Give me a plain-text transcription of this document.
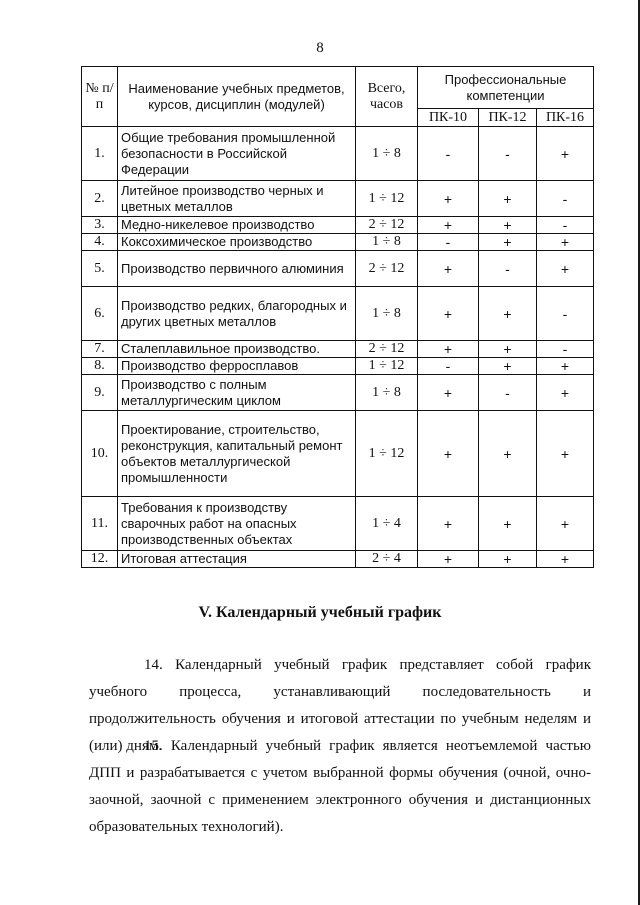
8
№ п/п	Наименование учебных предметов, курсов, дисциплин (модулей)	Всего, часов	Профессиональные компетенции		
			ПК-10	ПК-12	ПК-16
1.	Общие требования промышленной безопасности в Российской Федерации	1 ÷ 8	-	-	+
2.	Литейное производство черных и цветных металлов	1 ÷ 12	+	+	-
3.	Медно-никелевое производство	2 ÷ 12	+	+	-
4.	Коксохимическое производство	1 ÷ 8	-	+	+
5.	Производство первичного алюминия	2 ÷ 12	+	-	+
6.	Производство редких, благородных и других цветных металлов	1 ÷ 8	+	+	-
7.	Сталеплавильное производство.	2 ÷ 12	+	+	-
8.	Производство ферросплавов	1 ÷ 12	-	+	+
9.	Производство с полным металлургическим циклом	1 ÷ 8	+	-	+
10.	Проектирование, строительство, реконструкция, капитальный ремонт объектов металлургической промышленности	1 ÷ 12	+	+	+
11.	Требования к производству сварочных работ на опасных производственных объектах	1 ÷ 4	+	+	+
12.	Итоговая аттестация	2 ÷ 4	+	+	+
V. Календарный учебный график

14. Календарный учебный график представляет собой график учебного процесса, устанавливающий последовательность и продолжительность обучения и итоговой аттестации по учебным неделям и (или) дням.

15. Календарный учебный график является неотъемлемой частью ДПП и разрабатывается с учетом выбранной формы обучения (очной, очно-заочной, заочной с применением электронного обучения и дистанционных образовательных технологий).
